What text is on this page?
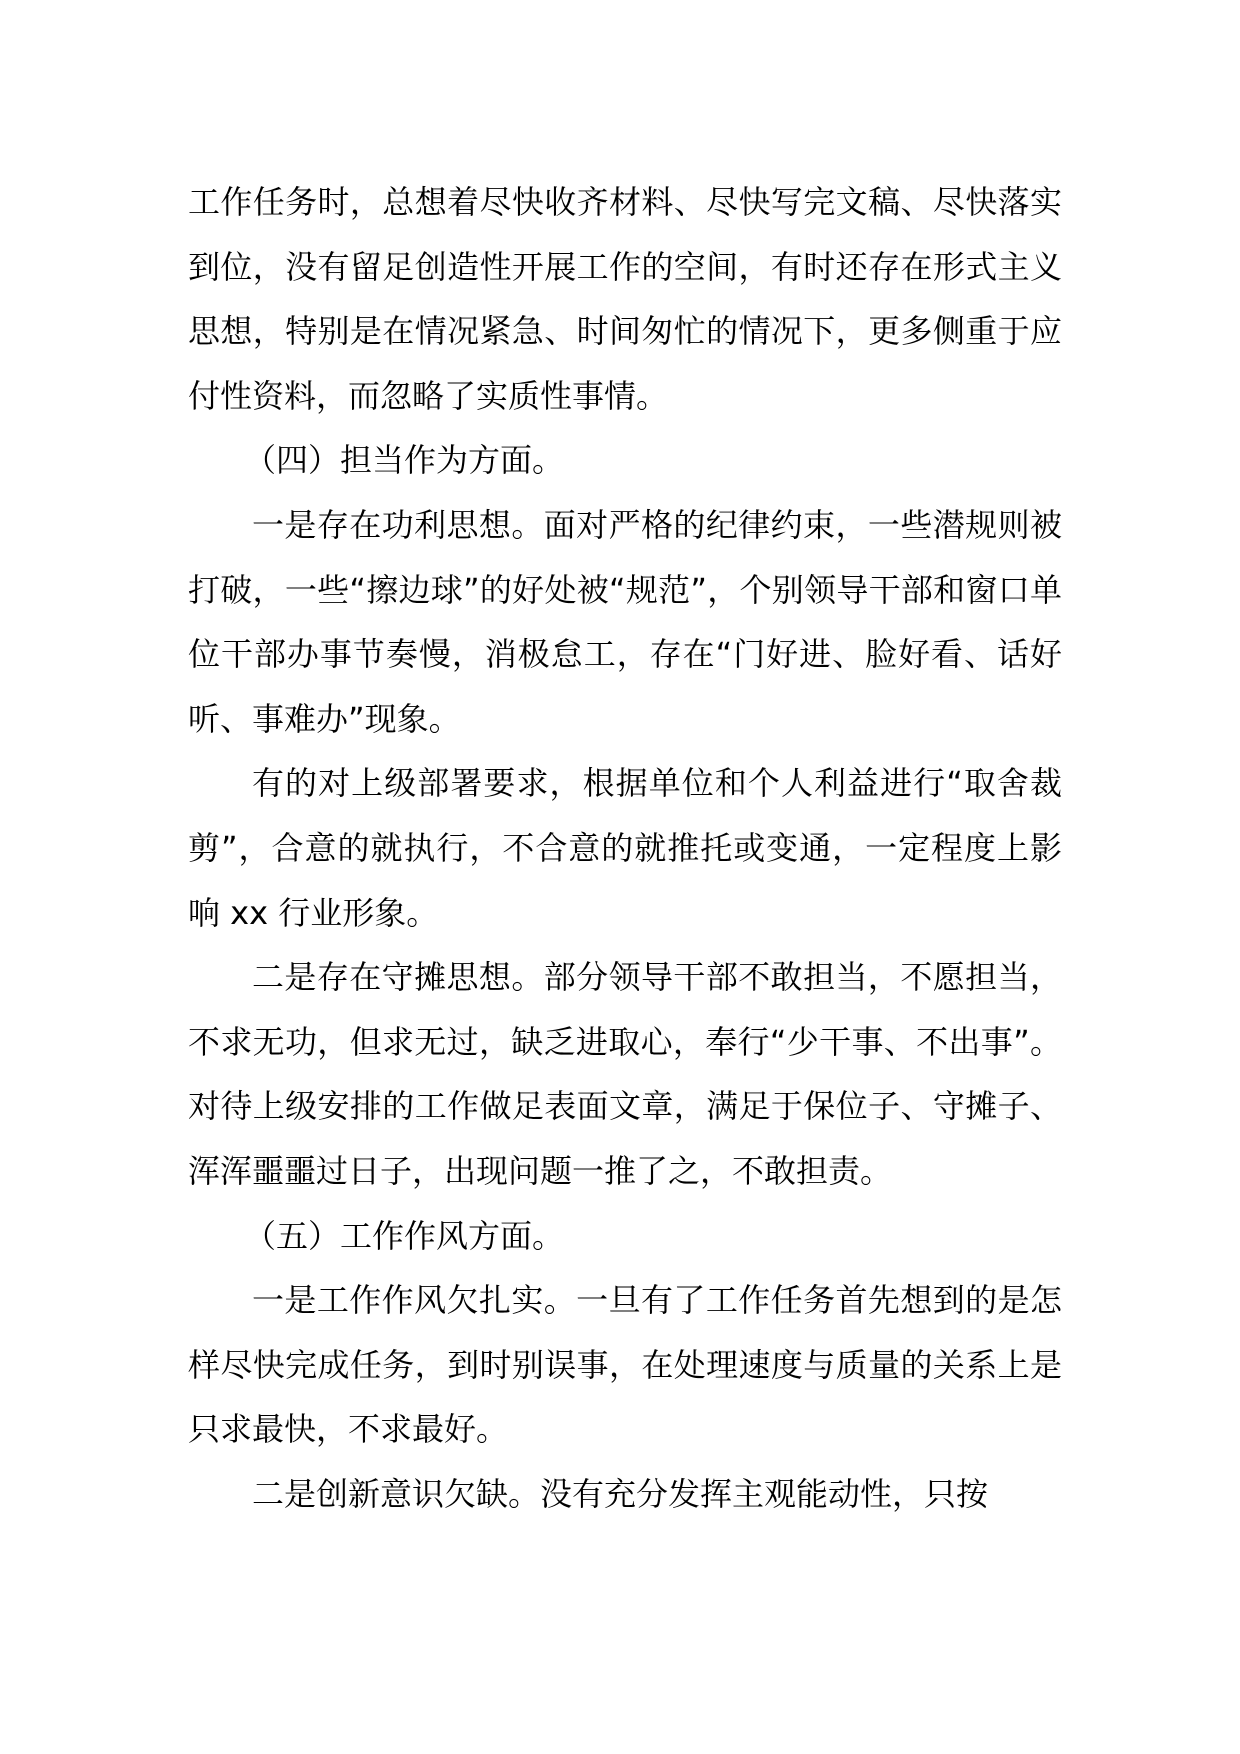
工作任务时，总想着尽快收齐材料、尽快写完文稿、尽快落实到位，没有留足创造性开展工作的空间，有时还存在形式主义思想，特别是在情况紧急、时间匆忙的情况下，更多侧重于应付性资料，而忽略了实质性事情。

（四）担当作为方面。

一是存在功利思想。面对严格的纪律约束，一些潜规则被打破，一些“擦边球”的好处被“规范”，个别领导干部和窗口单位干部办事节奏慢，消极怠工，存在“门好进、脸好看、话好听、事难办”现象。

有的对上级部署要求，根据单位和个人利益进行“取舍裁剪”，合意的就执行，不合意的就推托或变通，一定程度上影响 xx 行业形象。

二是存在守摊思想。部分领导干部不敢担当，不愿担当，不求无功，但求无过，缺乏进取心，奉行“少干事、不出事”。对待上级安排的工作做足表面文章，满足于保位子、守摊子、浑浑噩噩过日子，出现问题一推了之，不敢担责。

（五）工作作风方面。

一是工作作风欠扎实。一旦有了工作任务首先想到的是怎样尽快完成任务，到时别误事，在处理速度与质量的关系上是只求最快，不求最好。

二是创新意识欠缺。没有充分发挥主观能动性，只按
